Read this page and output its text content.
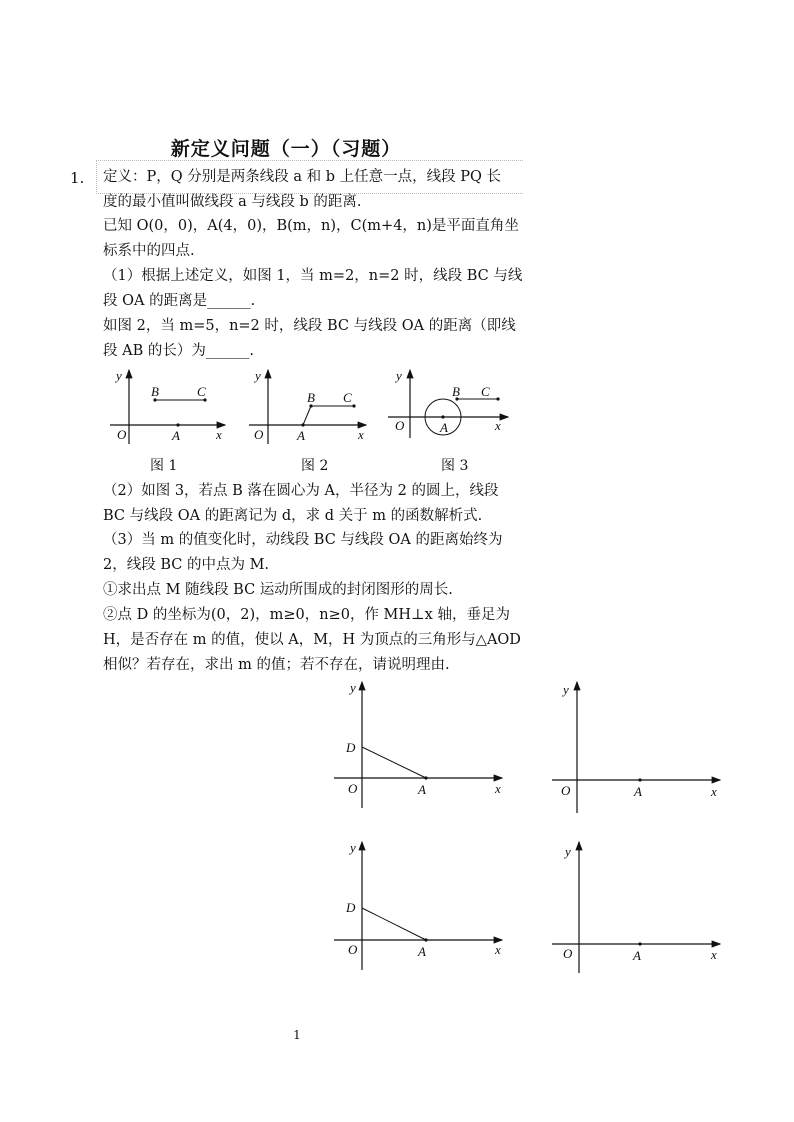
新定义问题（一）（习题）
1. 定义：P，Q 分别是两条线段 a 和 b 上任意一点，线段 PQ 长
度的最小值叫做线段 a 与线段 b 的距离.
已知 O(0，0)，A(4，0)，B(m，n)，C(m+4，n)是平面直角坐
标系中的四点.
（1）根据上述定义，如图 1，当 m=2，n=2 时，线段 BC 与线
段 OA 的距离是______.
如图 2，当 m=5，n=2 时，线段 BC 与线段 OA 的距离（即线
段 AB 的长）为______.
y
B	C
O	A	x
图 1
y
B C
O	A	x
图 2
y
B C
O	A	x
图 3
（2）如图 3，若点 B 落在圆心为 A，半径为 2 的圆上，线段
BC 与线段 OA 的距离记为 d，求 d 关于 m 的函数解析式.
（3）当 m 的值变化时，动线段 BC 与线段 OA 的距离始终为
2，线段 BC 的中点为 M.
①求出点 M 随线段 BC 运动所围成的封闭图形的周长.
②点 D 的坐标为(0，2)，m≥0，n≥0，作 MH⊥x 轴，垂足为
H，是否存在 m 的值，使以 A，M，H 为顶点的三角形与△AOD
相似？若存在，求出 m 的值；若不存在，请说明理由.
y
D
O	A	x
y
O	A	x
y
D
O	A	x
y
O	A	x
1
